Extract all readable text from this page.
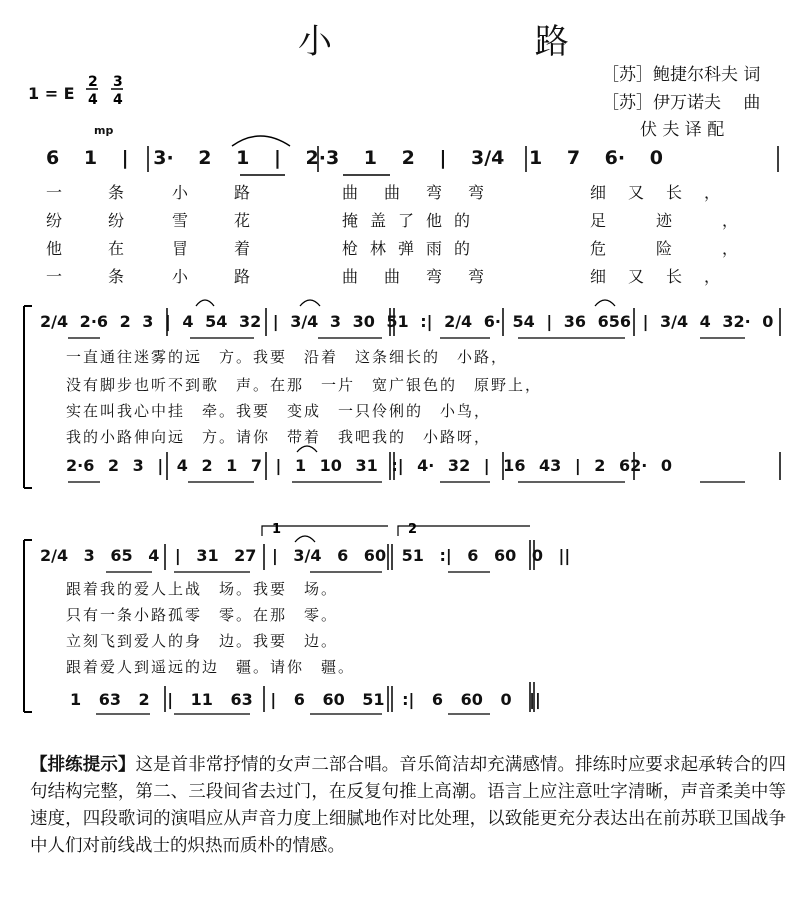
小 路
［苏］鲍捷尔科夫 词
［苏］伊万诺夫　 曲
伏 夫 译 配
1 = E
mp
2
4
3
4
1	2
6 1 | 3· 2 1 | 2·3 1 2 | 3/4 1 7 6· 0
一条 小路	曲曲弯弯	细又长，
纷纷 雪花	掩盖了他的	足迹，
他在 冒着	枪林弹雨的	危险，
一条 小路	曲曲弯弯	细又长，
2/4 2·6 2 3 | 4 54 32 | 3/4 3 30 51 :| 2/4 6· 54 | 36 656 | 3/4 4 32· 0
一直通往迷雾的远　方。我要　沿着　这条细长的　小路，
没有脚步也听不到歌　声。在那　一片　宽广银色的　原野上，
实在叫我心中挂　牵。我要　变成　一只伶俐的　小鸟，
我的小路伸向远　方。请你　带着　我吧我的　小路呀，
2·6 2 3 | 4 2 1 7 | 1 10 31 :| 4· 32 | 16 43 | 2 62· 0
2/4 3 65 4 | 31 27 | 3/4 6 60 51 :| 6 60 0 ||
跟着我的爱人上战　场。我要　场。
只有一条小路孤零　零。在那　零。
立刻飞到爱人的身　边。我要　边。
跟着爱人到遥远的边　疆。请你　疆。
1 63 2 | 11 63 | 6 60 51 :| 6 60 0 ||
【排练提示】这是首非常抒情的女声二部合唱。音乐简洁却充满感情。排练时应要求起承转合的四句结构完整，第二、三段间省去过门，在反复句推上高潮。语言上应注意吐字清晰，声音柔美中等速度，四段歌词的演唱应从声音力度上细腻地作对比处理，以致能更充分表达出在前苏联卫国战争中人们对前线战士的炽热而质朴的情感。
